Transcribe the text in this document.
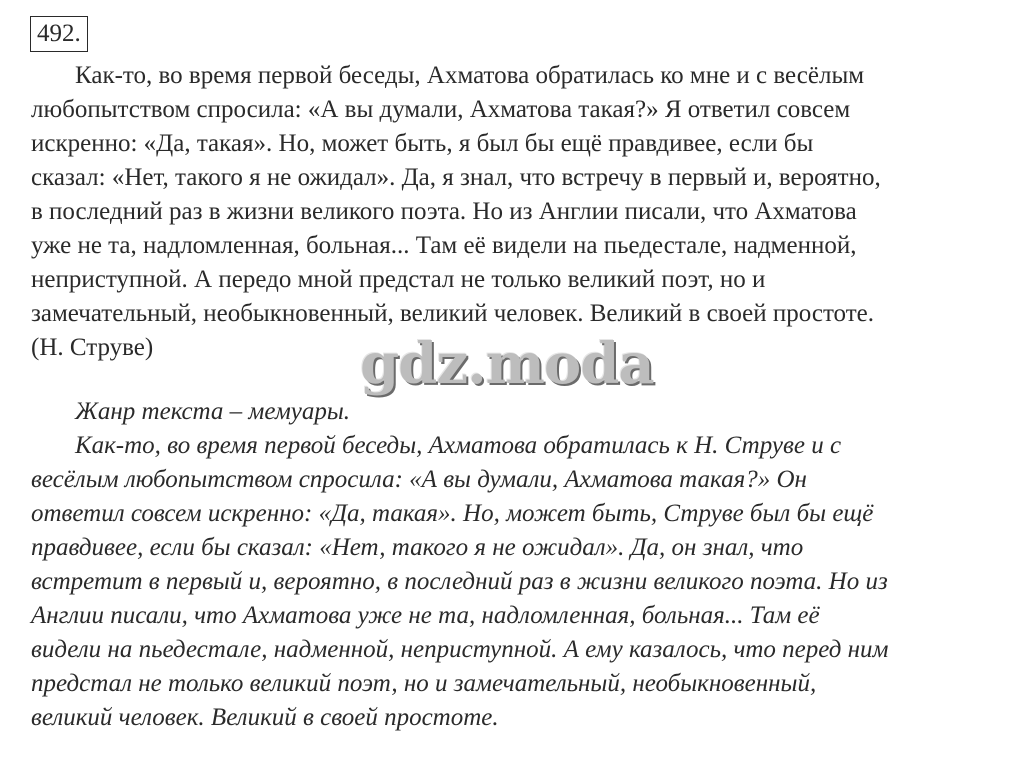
492.
Как-то, во время первой беседы, Ахматова обратилась ко мне и с весёлым
любопытством спросила: «А вы думали, Ахматова такая?» Я ответил совсем
искренно: «Да, такая». Но, может быть, я был бы ещё правдивее, если бы
сказал: «Нет, такого я не ожидал». Да, я знал, что встречу в первый и, вероятно,
в последний раз в жизни великого поэта. Но из Англии писали, что Ахматова
уже не та, надломленная, больная... Там её видели на пьедестале, надменной,
неприступной. А передо мной предстал не только великий поэт, но и
замечательный, необыкновенный, великий человек. Великий в своей простоте.
(Н. Струве)	gdz.moda
Жанр текста – мемуары.
Как-то, во время первой беседы, Ахматова обратилась к Н. Струве и с
весёлым любопытством спросила: «А вы думали, Ахматова такая?» Он
ответил совсем искренно: «Да, такая». Но, может быть, Струве был бы ещё
правдивее, если бы сказал: «Нет, такого я не ожидал». Да, он знал, что
встретит в первый и, вероятно, в последний раз в жизни великого поэта. Но из
Англии писали, что Ахматова уже не та, надломленная, больная... Там её
видели на пьедестале, надменной, неприступной. А ему казалось, что перед ним
предстал не только великий поэт, но и замечательный, необыкновенный,
великий человек. Великий в своей простоте.
